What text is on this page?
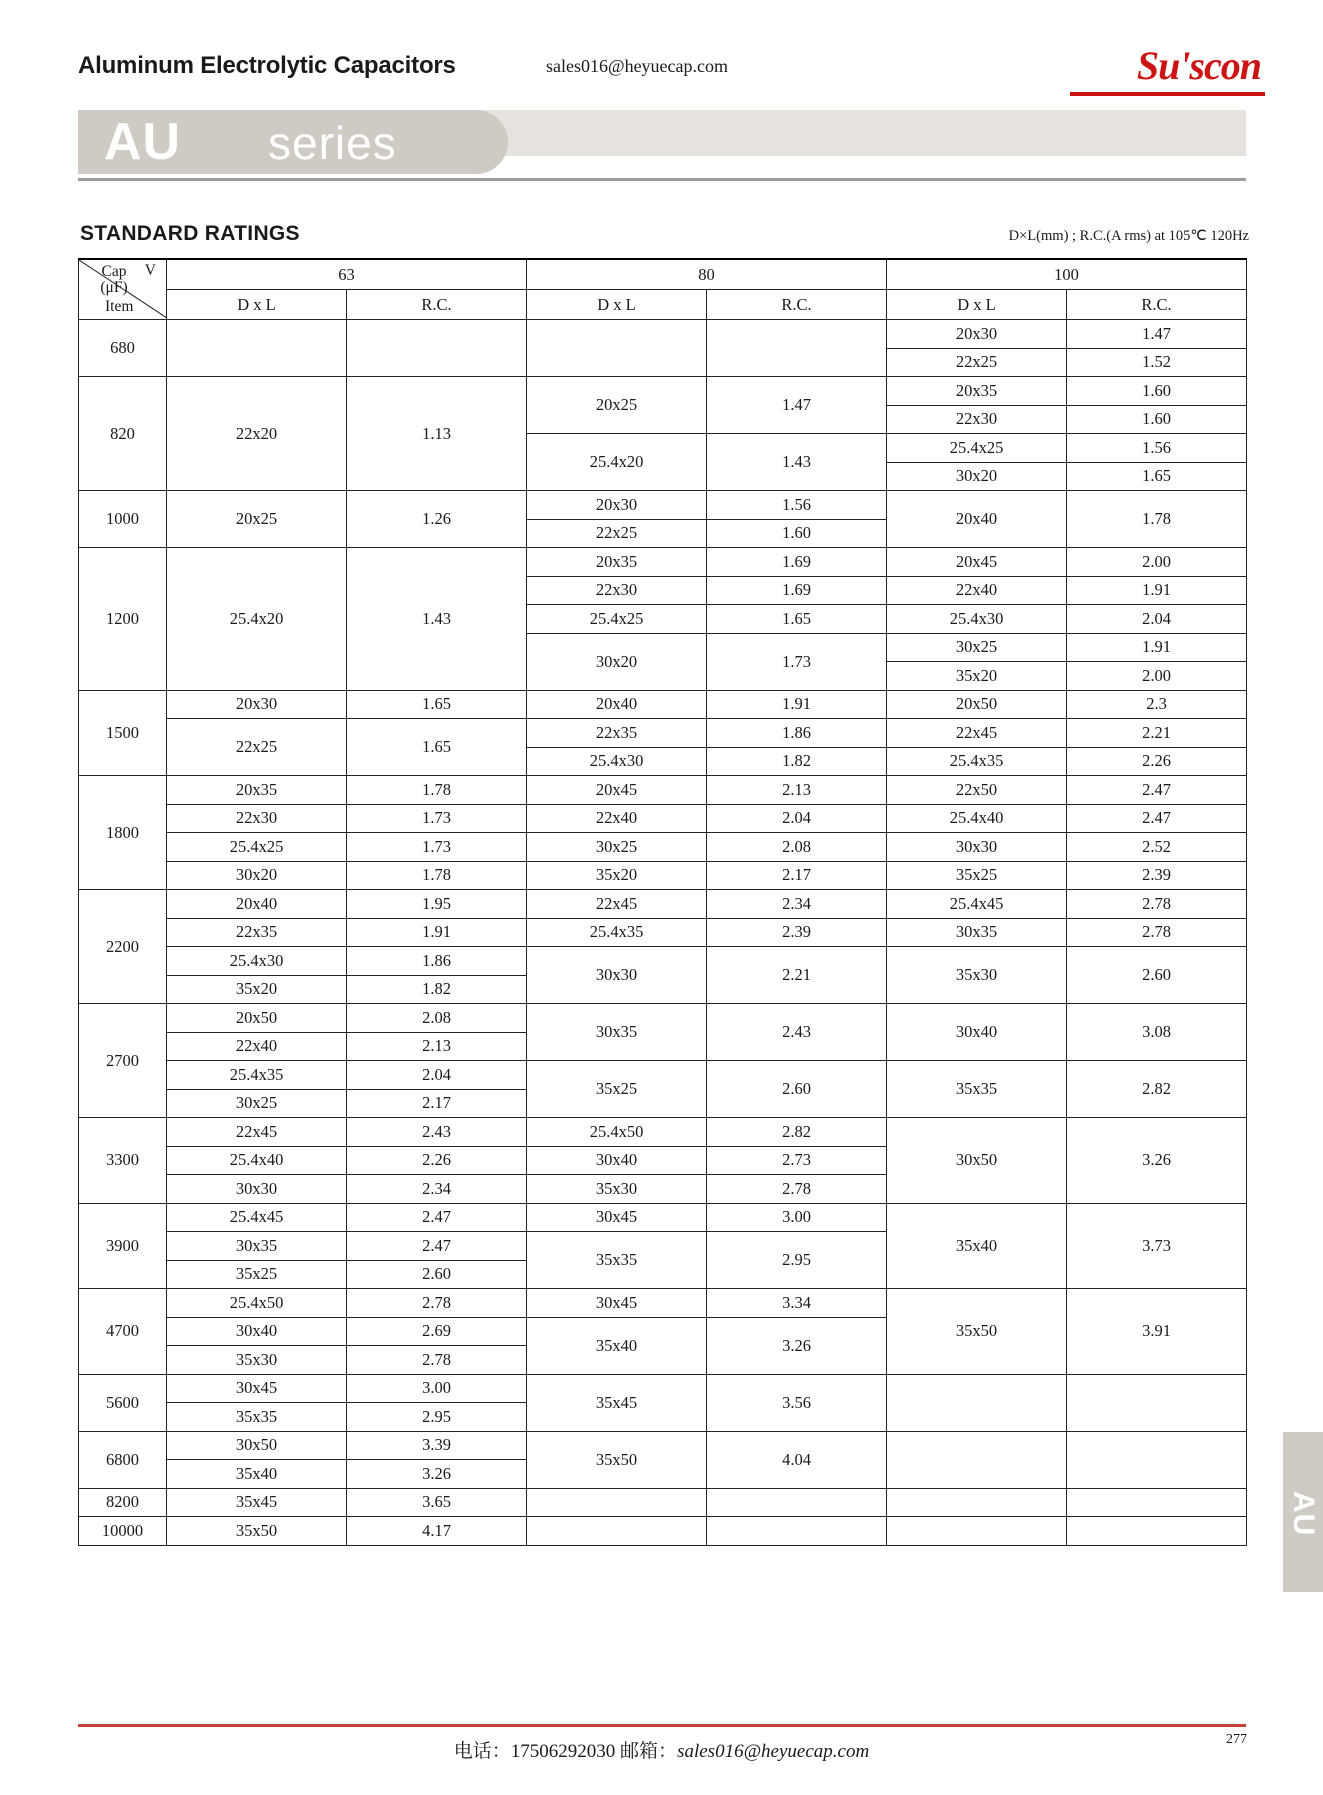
Aluminum Electrolytic Capacitors	sales016@heyuecap.com	Su'scon
AU series
STANDARD RATINGS	D×L(mm) ; R.C.(A rms) at 105℃ 120Hz
Cap
(μF)
V
Item	63		80		100	
	D x L	R.C.	D x L	R.C.	D x L	R.C.
680					20x30	1.47
					22x25	1.52
820	22x20	1.13	20x25	1.47	20x35	1.60
					22x30	1.60
			25.4x20	1.43	25.4x25	1.56
					30x20	1.65
1000	20x25	1.26	20x30	1.56	20x40	1.78
			22x25	1.60		
1200	25.4x20	1.43	20x35	1.69	20x45	2.00
			22x30	1.69	22x40	1.91
			25.4x25	1.65	25.4x30	2.04
			30x20	1.73	30x25	1.91
					35x20	2.00
1500	20x30	1.65	20x40	1.91	20x50	2.3
	22x25	1.65	22x35	1.86	22x45	2.21
			25.4x30	1.82	25.4x35	2.26
1800	20x35	1.78	20x45	2.13	22x50	2.47
	22x30	1.73	22x40	2.04	25.4x40	2.47
	25.4x25	1.73	30x25	2.08	30x30	2.52
	30x20	1.78	35x20	2.17	35x25	2.39
2200	20x40	1.95	22x45	2.34	25.4x45	2.78
	22x35	1.91	25.4x35	2.39	30x35	2.78
	25.4x30	1.86	30x30	2.21	35x30	2.60
	35x20	1.82				
2700	20x50	2.08	30x35	2.43	30x40	3.08
	22x40	2.13				
	25.4x35	2.04	35x25	2.60	35x35	2.82
	30x25	2.17				
3300	22x45	2.43	25.4x50	2.82	30x50	3.26
	25.4x40	2.26	30x40	2.73		
	30x30	2.34	35x30	2.78		
3900	25.4x45	2.47	30x45	3.00	35x40	3.73
	30x35	2.47	35x35	2.95		
	35x25	2.60				
4700	25.4x50	2.78	30x45	3.34	35x50	3.91
	30x40	2.69	35x40	3.26		
	35x30	2.78				
5600	30x45	3.00	35x45	3.56		
	35x35	2.95				
6800	30x50	3.39	35x50	4.04		
	35x40	3.26				
8200	35x45	3.65				
10000	35x50	4.17					AU
电话：17506292030 邮箱：sales016@heyuecap.com
277
